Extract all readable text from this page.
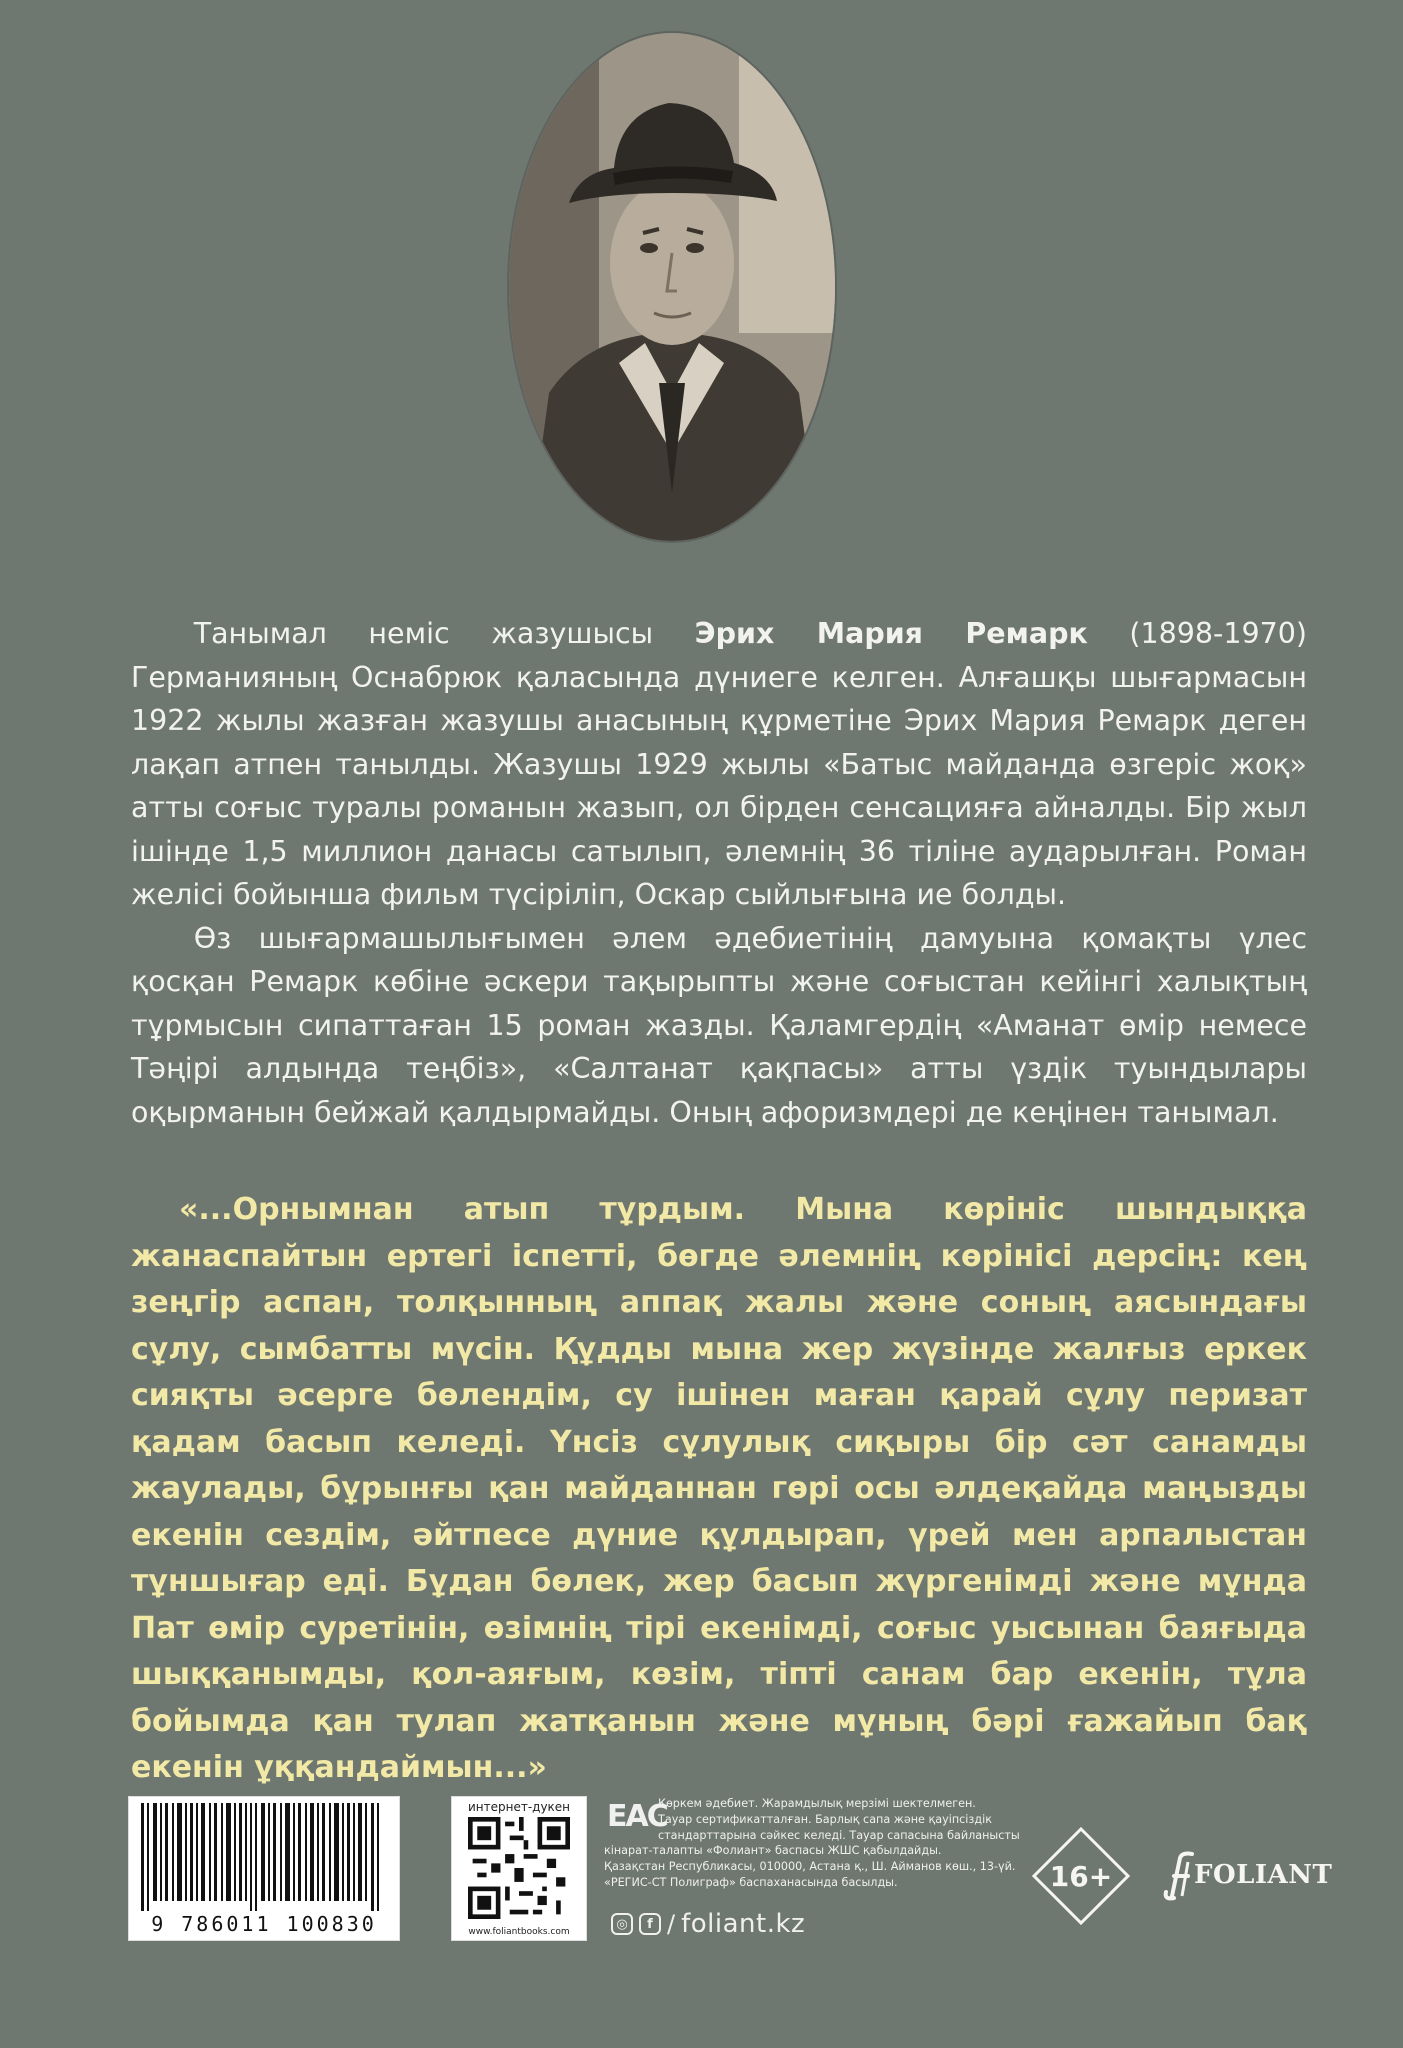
Танымал неміс жазушысы Эрих Мария Ремарк (1898-1970) Германияның Оснабрюк қаласында дүниеге келген. Алғашқы шығармасын 1922 жылы жазған жазушы анасының құрметіне Эрих Мария Ремарк деген лақап атпен танылды. Жазушы 1929 жылы «Батыс майданда өзгеріс жоқ» атты соғыс туралы романын жазып, ол бірден сенсацияға айналды. Бір жыл ішінде 1,5 миллион данасы сатылып, әлемнің 36 тіліне аударылған. Роман желісі бойынша фильм түсіріліп, Оскар сыйлығына ие болды.

Өз шығармашылығымен әлем әдебиетінің дамуына қомақты үлес қосқан Ремарк көбіне әскери тақырыпты және соғыстан кейінгі халықтың тұрмысын сипаттаған 15 роман жазды. Қаламгердің «Аманат өмір немесе Тәңірі алдында теңбіз», «Салтанат қақпасы» атты үздік туындылары оқырманын бейжай қалдырмайды. Оның афоризмдері де кеңінен танымал.

«...Орнымнан атып тұрдым. Мына көрініс шындыққа жанаспайтын ертегі іспетті, бөгде әлемнің көрінісі дерсің: кең зеңгір аспан, толқынның аппақ жалы және соның аясындағы сұлу, сымбатты мүсін. Құдды мына жер жүзінде жалғыз еркек сияқты әсерге бөлендім, су ішінен маған қарай сұлу перизат қадам басып келеді. Үнсіз сұлулық сиқыры бір сәт санамды жаулады, бұрынғы қан майданнан гөрі осы әлдеқайда маңызды екенін сездім, әйтпесе дүние құлдырап, үрей мен арпалыстан тұншығар еді. Бұдан бөлек, жер басып жүргенімді және мұнда Пат өмір суретінін, өзімнің тірі екенімді, соғыс уысынан баяғыда шыққанымды, қол-аяғым, көзім, тіпті санам бар екенін, тұла бойымда қан тулап жатқанын және мұның бәрі ғажайып бақ екенін ұққандаймын...»

9 786011 100830
интернет-дукен
www.foliantbooks.com
EAC
Көркем әдебиет. Жарамдылық мерзімі шектелмеген.
Тауар сертификатталған. Барлық сапа және қауіпсіздік
стандарттарына сәйкес келеді. Тауар сапасына байланысты
кінарат-талапты «Фолиант» баспасы ЖШС қабылдайды.
Қазақстан Республикасы, 010000, Астана қ., Ш. Айманов көш., 13-үй.
«РЕГИС-СТ Полиграф» баспаханасында басылды.
◎	f / foliant.kz
16+	FOLIANT
